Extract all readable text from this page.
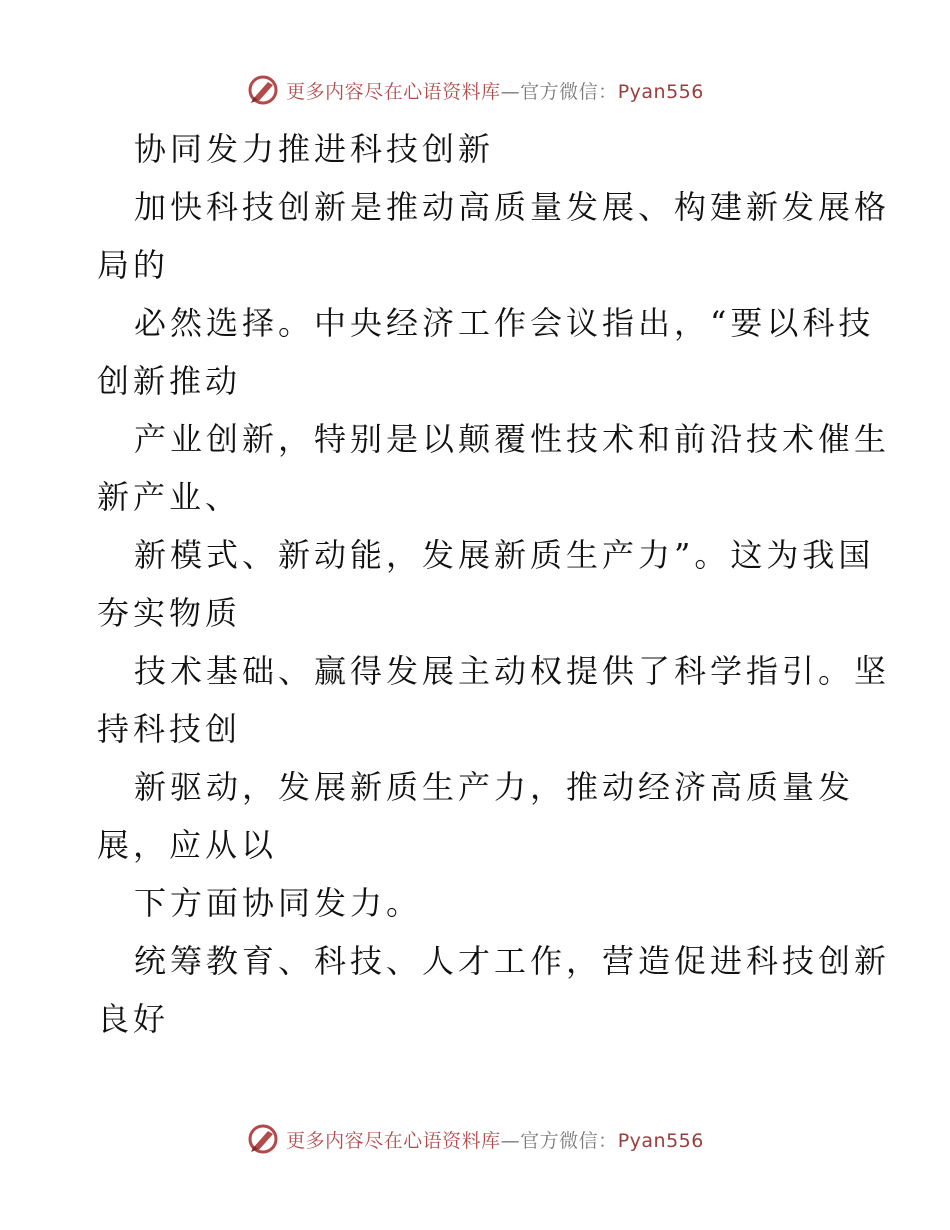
更多内容尽在心语资料库—官方微信：Pyan556
协同发力推进科技创新
加快科技创新是推动高质量发展、构建新发展格
局的
必然选择。中央经济工作会议指出，“要以科技
创新推动
产业创新，特别是以颠覆性技术和前沿技术催生
新产业、
新模式、新动能，发展新质生产力”。这为我国
夯实物质
技术基础、赢得发展主动权提供了科学指引。坚
持科技创
新驱动，发展新质生产力，推动经济高质量发
展，应从以
下方面协同发力。
统筹教育、科技、人才工作，营造促进科技创新
良好
更多内容尽在心语资料库—官方微信：Pyan556
